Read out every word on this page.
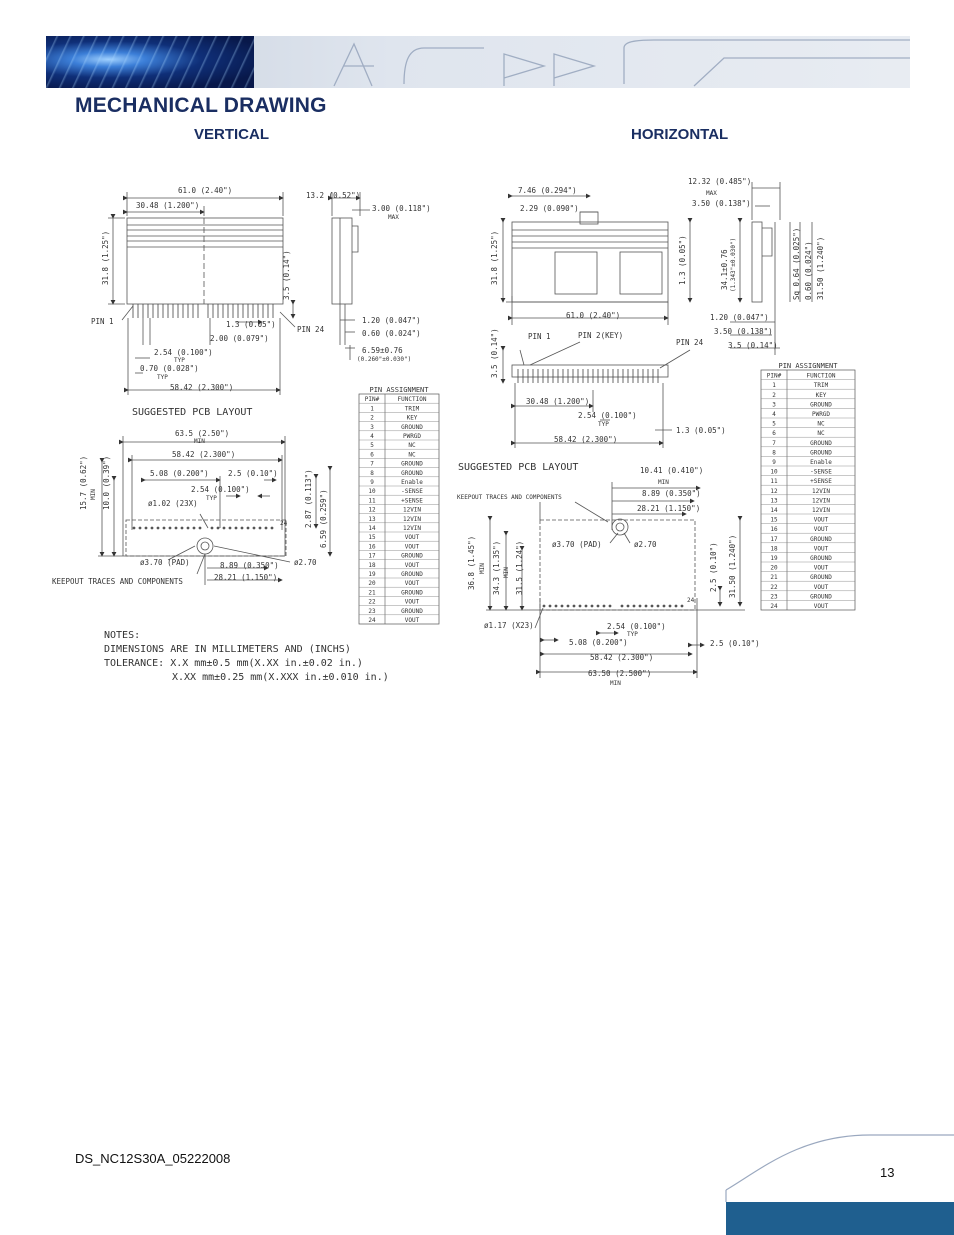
MECHANICAL DRAWING
VERTICAL	HORIZONTAL
61.0 (2.40")
30.48 (1.200")
31.8 (1.25")
13.2 (0.52")
3.00 (0.118")
MAX
3.5 (0.14")
PIN 1
PIN 24
1.3 (0.05")
2.00 (0.079")
1.20 (0.047")
0.60 (0.024")
6.59±0.76
(0.260"±0.030")
2.54 (0.100")
TYP
0.70 (0.028")
TYP
58.42 (2.300")
SUGGESTED PCB LAYOUT
63.5 (2.50")
MIN
58.42 (2.300")
15.7 (0.62") MIN 10.0 (0.39")	5.08 (0.200")	2.5 (0.10")
2.54 (0.100")
TYP
ø1.02 (23X)	2.87 (0.113") 6.59 (0.259")
24
ø3.70 (PAD)	8.89 (0.350") ø2.70
KEEPOUT TRACES AND COMPONENTS	28.21 (1.150")
NOTES:
DIMENSIONS ARE IN MILLIMETERS AND (INCHS)
TOLERANCE: X.X mm±0.5 mm(X.XX in.±0.02 in.)
X.XX mm±0.25 mm(X.XXX in.±0.010 in.)
7.46 (0.294")
2.29 (0.090")
12.32 (0.485")
MAX
3.50 (0.138")
31.8 (1.25")	1.3 (0.05")	34.1±0.76 (1.343"±0.030")	Sq 0.64 (0.025") 0.60 (0.024") 31.50 (1.240")
61.0 (2.40")	1.20 (0.047")
PIN 1	PIN 2(KEY)	3.50 (0.138")
PIN 24	3.5 (0.14")
3.5 (0.14")
30.48 (1.200")
2.54 (0.100")
TYP
1.3 (0.05")
58.42 (2.300")
SUGGESTED PCB LAYOUT	10.41 (0.410")
MIN
8.89 (0.350")
KEEPOUT TRACES AND COMPONENTS
28.21 (1.150")
ø3.70 (PAD)	ø2.70
36.8 (1.45") MIN 34.3 (1.35") MIN 31.5 (1.24")	2.5 (0.10") 31.50 (1.240")
24
ø1.17 (X23)	2.54 (0.100")
TYP
5.08 (0.200")	2.5 (0.10")
58.42 (2.300")
63.50 (2.500")
MIN
PIN ASSIGNMENT
PIN#	FUNCTION
1	TRIM
2	KEY
3	GROUND
4	PWRGD
5	NC
6	NC
7	GROUND
8	GROUND
9	Enable
10	-SENSE
11	+SENSE
12	12VIN
13	12VIN
14	12VIN
15	VOUT
16	VOUT
17	GROUND
18	VOUT
19	GROUND
20	VOUT
21	GROUND
22	VOUT
23	GROUND
24	VOUT
PIN ASSIGNMENT
PIN#	FUNCTION
1	TRIM
2	KEY
3	GROUND
4	PWRGD
5	NC
6	NC
7	GROUND
8	GROUND
9	Enable
10	-SENSE
11	+SENSE
12	12VIN
13	12VIN
14	12VIN
15	VOUT
16	VOUT
17	GROUND
18	VOUT
19	GROUND
20	VOUT
21	GROUND
22	VOUT
23	GROUND
24	VOUT
DS_NC12S30A_05222008
13
